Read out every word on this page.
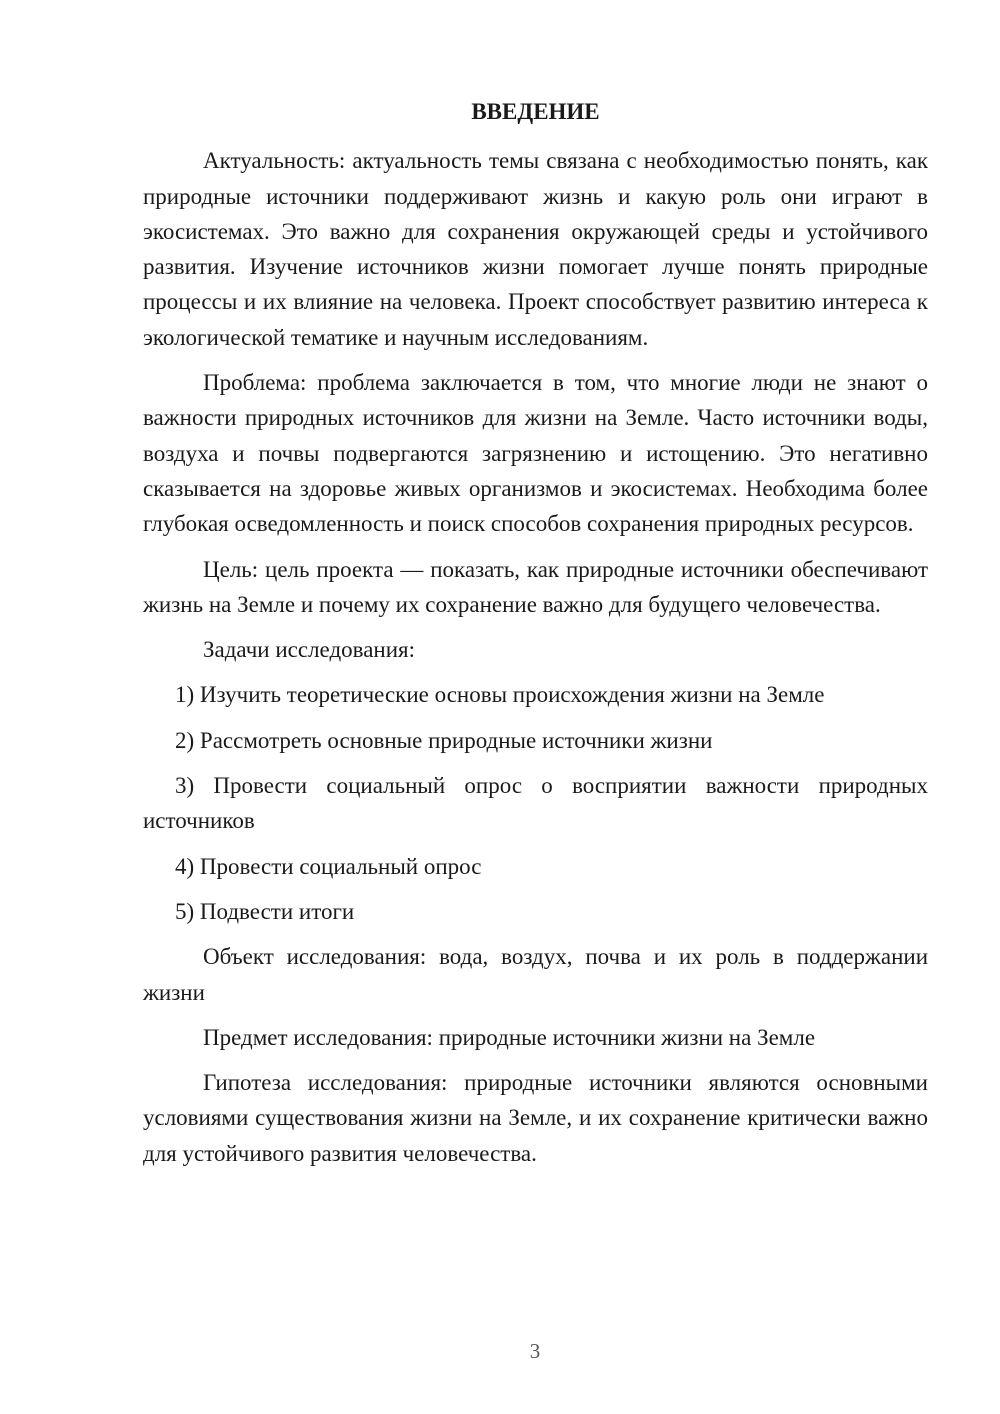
ВВЕДЕНИЕ

Актуальность: актуальность темы связана с необходимостью понять, как природные источники поддерживают жизнь и какую роль они играют в экосистемах. Это важно для сохранения окружающей среды и устойчивого развития. Изучение источников жизни помогает лучше понять природные процессы и их влияние на человека. Проект способствует развитию интереса к экологической тематике и научным исследованиям.

Проблема: проблема заключается в том, что многие люди не знают о важности природных источников для жизни на Земле. Часто источники воды, воздуха и почвы подвергаются загрязнению и истощению. Это негативно сказывается на здоровье живых организмов и экосистемах. Необходима более глубокая осведомленность и поиск способов сохранения природных ресурсов.

Цель: цель проекта — показать, как природные источники обеспечивают жизнь на Земле и почему их сохранение важно для будущего человечества.

Задачи исследования:

1) Изучить теоретические основы происхождения жизни на Земле

2) Рассмотреть основные природные источники жизни

3) Провести социальный опрос о восприятии важности природных источников

4) Провести социальный опрос

5) Подвести итоги

Объект исследования: вода, воздух, почва и их роль в поддержании жизни

Предмет исследования: природные источники жизни на Земле

Гипотеза исследования: природные источники являются основными условиями существования жизни на Земле, и их сохранение критически важно для устойчивого развития человечества.

3
